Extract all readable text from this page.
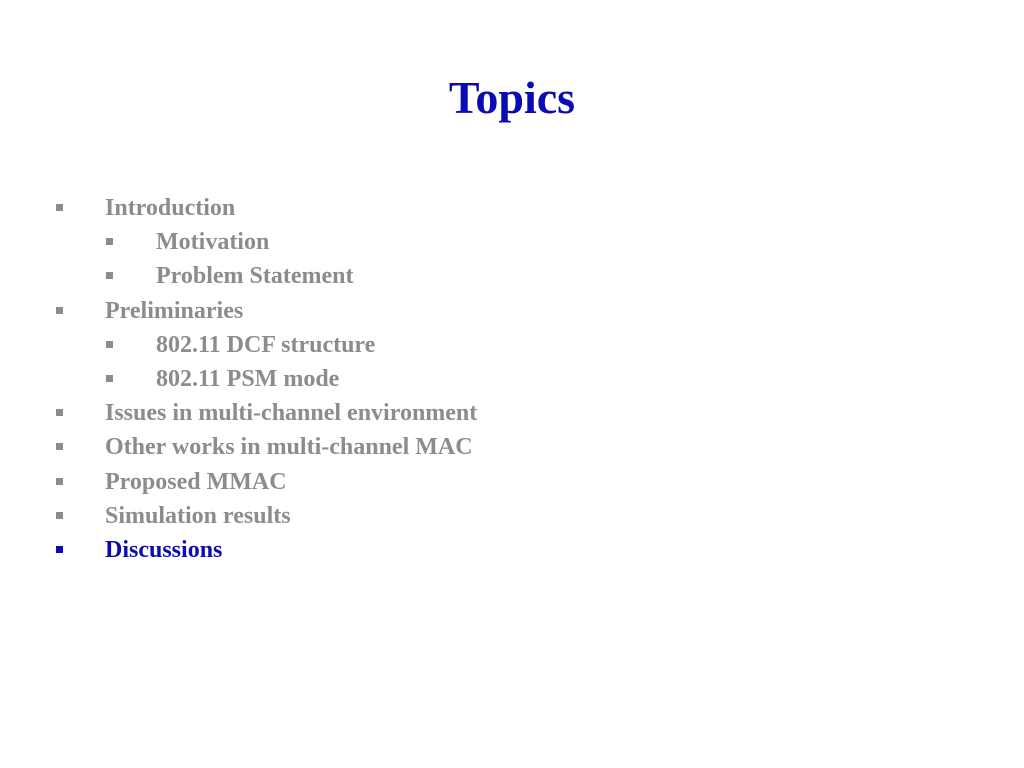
Topics
Introduction
Motivation
Problem Statement
Preliminaries
802.11 DCF structure
802.11 PSM mode
Issues in multi-channel environment
Other works in multi-channel MAC
Proposed MMAC
Simulation results
Discussions
